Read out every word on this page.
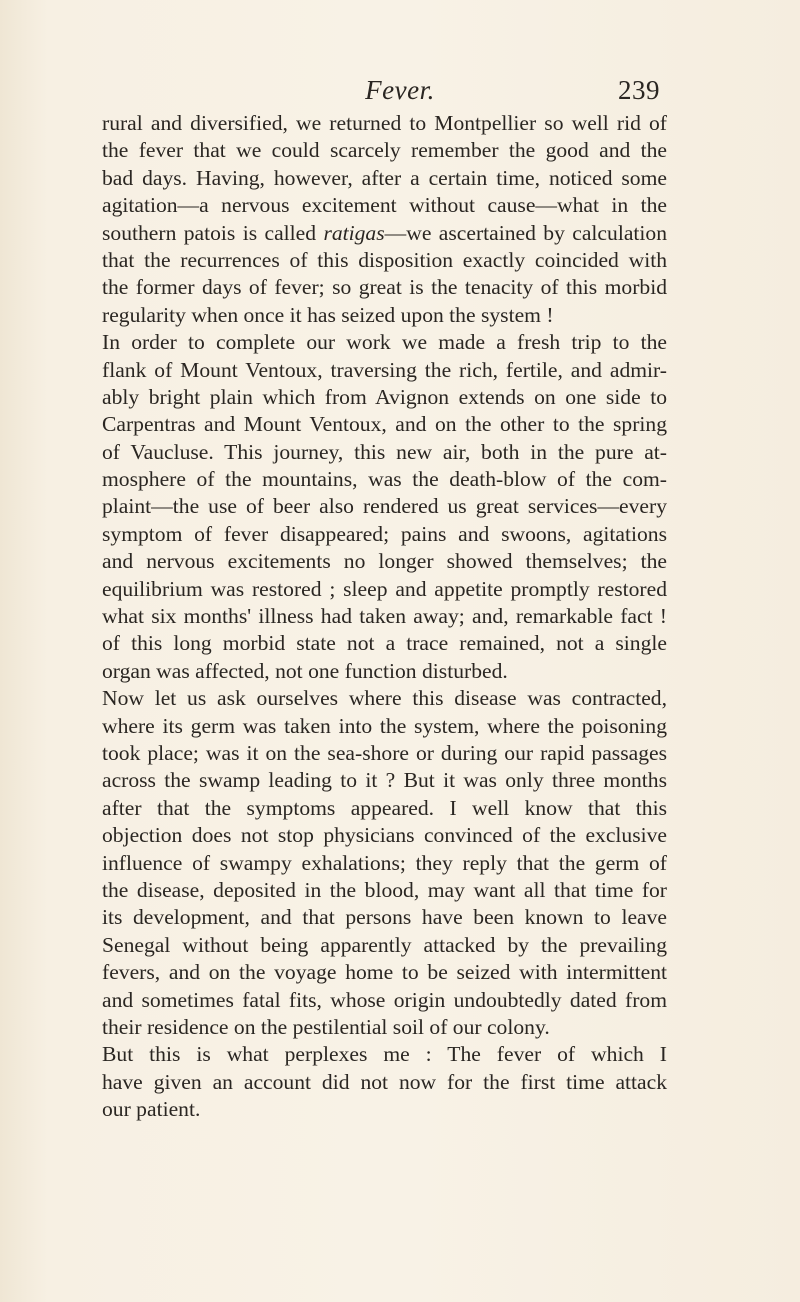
Fever.	239
rural and diversified, we returned to Montpellier so well rid of
the fever that we could scarcely remember the good and the
bad days. Having, however, after a certain time, noticed some
agitation—a nervous excitement without cause—what in the
southern patois is called ratigas—we ascertained by calculation
that the recurrences of this disposition exactly coincided with
the former days of fever; so great is the tenacity of this morbid
regularity when once it has seized upon the system !
In order to complete our work we made a fresh trip to the
flank of Mount Ventoux, traversing the rich, fertile, and admir-
ably bright plain which from Avignon extends on one side to
Carpentras and Mount Ventoux, and on the other to the spring
of Vaucluse. This journey, this new air, both in the pure at-
mosphere of the mountains, was the death-blow of the com-
plaint—the use of beer also rendered us great services—every
symptom of fever disappeared; pains and swoons, agitations
and nervous excitements no longer showed themselves; the
equilibrium was restored ; sleep and appetite promptly restored
what six months' illness had taken away; and, remarkable fact !
of this long morbid state not a trace remained, not a single
organ was affected, not one function disturbed.
Now let us ask ourselves where this disease was contracted,
where its germ was taken into the system, where the poisoning
took place; was it on the sea-shore or during our rapid passages
across the swamp leading to it ? But it was only three months
after that the symptoms appeared. I well know that this
objection does not stop physicians convinced of the exclusive
influence of swampy exhalations; they reply that the germ of
the disease, deposited in the blood, may want all that time for
its development, and that persons have been known to leave
Senegal without being apparently attacked by the prevailing
fevers, and on the voyage home to be seized with intermittent
and sometimes fatal fits, whose origin undoubtedly dated from
their residence on the pestilential soil of our colony.
But this is what perplexes me : The fever of which I
have given an account did not now for the first time attack
our patient.
